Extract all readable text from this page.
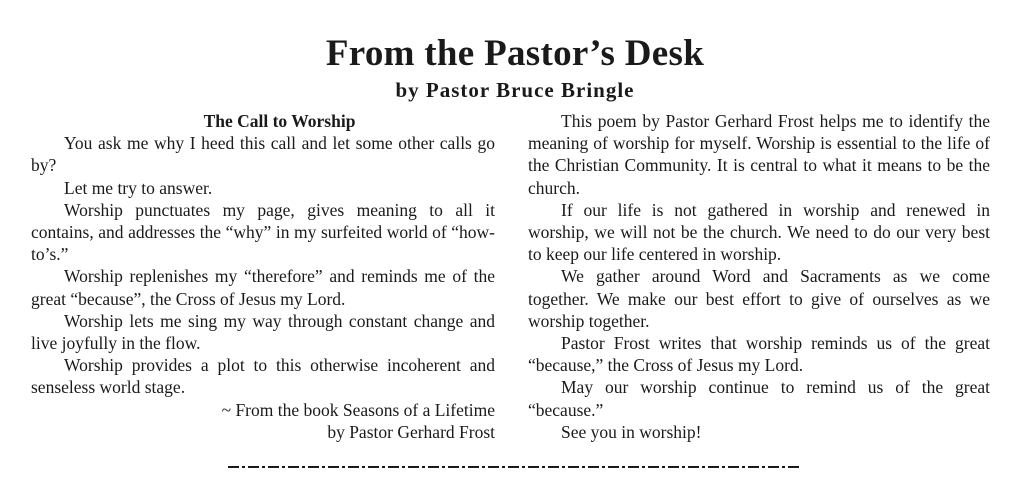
From the Pastor’s Desk
by Pastor Bruce Bringle

The Call to Worship

You ask me why I heed this call and let some other calls go by?

Let me try to answer.

Worship punctuates my page, gives meaning to all it contains, and addresses the “why” in my surfeited world of “how-to’s.”

Worship replenishes my “therefore” and reminds me of the great “because”, the Cross of Jesus my Lord.

Worship lets me sing my way through constant change and live joyfully in the flow.

Worship provides a plot to this otherwise incoherent and senseless world stage.

~ From the book Seasons of a Lifetime

by Pastor Gerhard Frost

This poem by Pastor Gerhard Frost helps me to identify the meaning of worship for myself. Worship is essential to the life of the Christian Community. It is central to what it means to be the church.

If our life is not gathered in worship and renewed in worship, we will not be the church. We need to do our very best to keep our life centered in worship.

We gather around Word and Sacraments as we come together. We make our best effort to give of ourselves as we worship together.

Pastor Frost writes that worship reminds us of the great “because,” the Cross of Jesus my Lord.

May our worship continue to remind us of the great “because.”

See you in worship!
